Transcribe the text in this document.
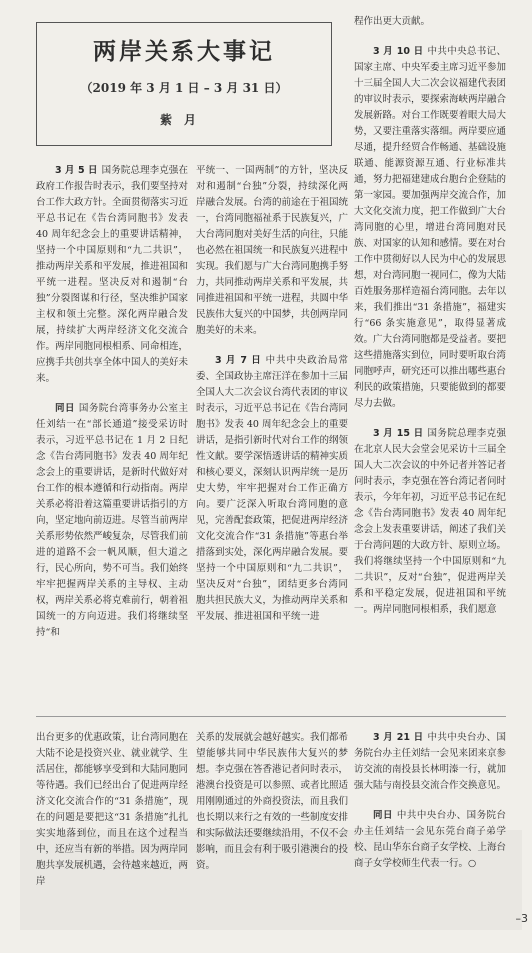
两岸关系大事记
（2019 年 3 月 1 日 – 3 月 31 日）
紫月

程作出更大贡献。

3 月 10 日 中共中央总书记、国家主席、中央军委主席习近平参加十三届全国人大二次会议福建代表团的审议时表示，要探索海峡两岸融合发展新路。对台工作既要着眼大局大势，又要注重落实落细。两岸要应通尽通，提升经贸合作畅通、基础设施联通、能源资源互通、行业标准共通，努力把福建建成台胞台企登陆的第一家园。要加强两岸交流合作，加大文化交流力度，把工作做到广大台湾同胞的心里，增进台湾同胞对民族、对国家的认知和感情。要在对台工作中贯彻好以人民为中心的发展思想，对台湾同胞一视同仁，像为大陆百姓服务那样造福台湾同胞。去年以来，我们推出“31 条措施”，福建实行“66 条实施意见”，取得显著成效。广大台湾同胞都是受益者。要把这些措施落实到位，同时要听取台湾同胞呼声，研究还可以推出哪些惠台利民的政策措施，只要能做到的都要尽力去做。

3 月 15 日 国务院总理李克强在北京人民大会堂会见采访十三届全国人大二次会议的中外记者并答记者问时表示，李克强在答台湾记者问时表示，今年年初，习近平总书记在纪念《告台湾同胞书》发表 40 周年纪念会上发表重要讲话，阐述了我们关于台湾问题的大政方针、原则立场。我们将继续坚持一个中国原则和“九二共识”，反对“台独”，促进两岸关系和平稳定发展，促进祖国和平统一。两岸同胞同根相系，我们愿意

3 月 5 日 国务院总理李克强在政府工作报告时表示，我们要坚持对台工作大政方针。全面贯彻落实习近平总书记在《告台湾同胞书》发表 40 周年纪念会上的重要讲话精神，坚持一个中国原则和“九二共识”，推动两岸关系和平发展，推进祖国和平统一进程。坚决反对和遏制“台独”分裂图谋和行径，坚决维护国家主权和领土完整。深化两岸融合发展，持续扩大两岸经济文化交流合作。两岸同胞同根相系、同命相连，应携手共创共享全体中国人的美好未来。

同日 国务院台湾事务办公室主任刘结一在“部长通道”接受采访时表示，习近平总书记在 1 月 2 日纪念《告台湾同胞书》发表 40 周年纪念会上的重要讲话，是新时代做好对台工作的根本遵循和行动指南。两岸关系必将沿着这篇重要讲话指引的方向，坚定地向前迈进。尽管当前两岸关系形势依然严峻复杂，尽管我们前进的道路不会一帆风顺，但大道之行，民心所向，势不可当。我们始终牢牢把握两岸关系的主导权、主动权，两岸关系必将克难前行，朝着祖国统一的方向迈进。我们将继续坚持“和

平统一、一国两制”的方针，坚决反对和遏制“台独”分裂，持续深化两岸融合发展。台湾的前途在于祖国统一，台湾同胞福祉系于民族复兴，广大台湾同胞对美好生活的向往，只能也必然在祖国统一和民族复兴进程中实现。我们愿与广大台湾同胞携手努力，共同推动两岸关系和平发展，共同推进祖国和平统一进程，共圆中华民族伟大复兴的中国梦，共创两岸同胞美好的未来。

3 月 7 日 中共中央政治局常委、全国政协主席汪洋在参加十三届全国人大二次会议台湾代表团的审议时表示，习近平总书记在《告台湾同胞书》发表 40 周年纪念会上的重要讲话，是指引新时代对台工作的纲领性文献。要学深悟透讲话的精神实质和核心要义，深刻认识两岸统一是历史大势，牢牢把握对台工作正确方向。要广泛深入听取台湾同胞的意见，完善配套政策，把促进两岸经济文化交流合作“31 条措施”等惠台举措落到实处，深化两岸融合发展。要坚持一个中国原则和“九二共识”，坚决反对“台独”，团结更多台湾同胞共担民族大义，为推动两岸关系和平发展、推进祖国和平统一进

出台更多的优惠政策，让台湾同胞在大陆不论是投资兴业、就业就学、生活居住，都能够享受到和大陆同胞同等待遇。我们已经出台了促进两岸经济文化交流合作的“31 条措施”，现在的问题是要把这“31 条措施”扎扎实实地落到位，而且在这个过程当中，还应当有新的举措。因为两岸同胞共享发展机遇，会待越来越近，两岸

关系的发展就会越好越实。我们都希望能够共同中华民族伟大复兴的梦想。李克强在答香港记者问时表示，港澳台投资是可以参照、或者比照适用刚刚通过的外商投资法，而且我们也长期以来行之有效的一些制度安排和实际做法还要继续沿用，不仅不会影响，而且会有利于吸引港澳台的投资。

3 月 21 日 中共中央台办、国务院台办主任刘结一会见来团来京参访交流的南投县长林明溱一行，就加强大陆与南投县交流合作交换意见。

同日 中共中央台办、国务院台办主任刘结一会见东莞台商子弟学校、昆山华东台商子女学校、上海台商子女学校师生代表一行。○

–3
